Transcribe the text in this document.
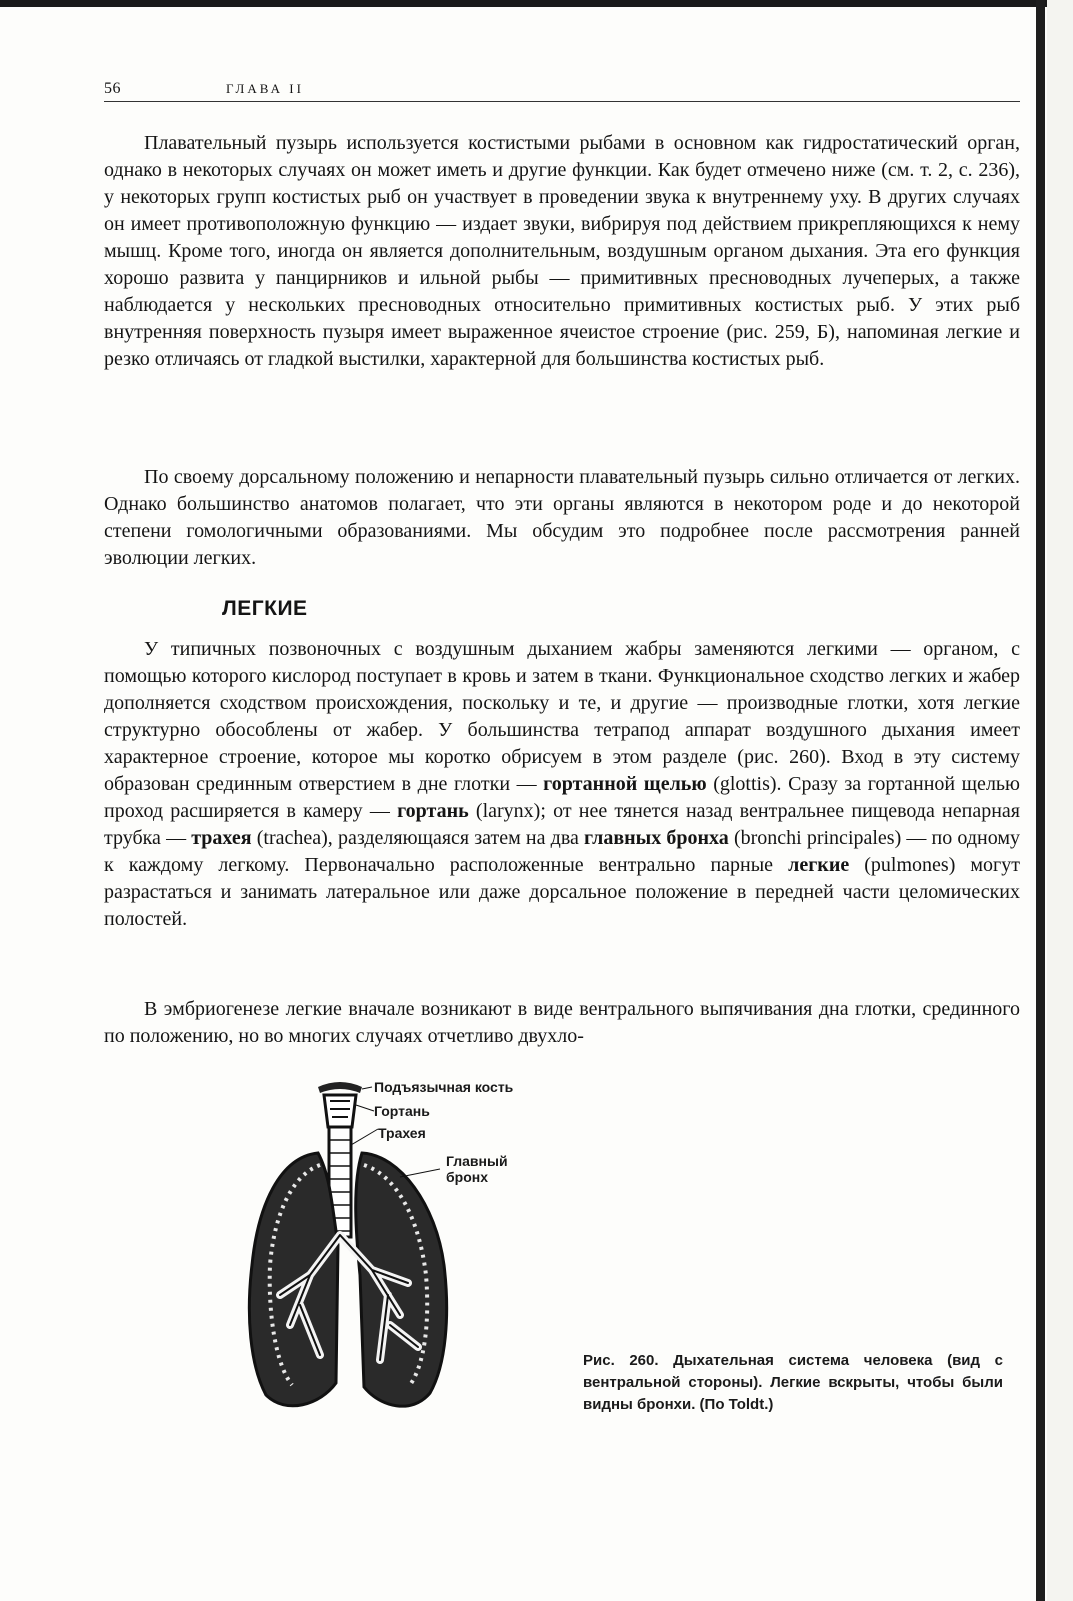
56	ГЛАВА II

Плавательный пузырь используется костистыми рыбами в основном как гидростатический орган, однако в некоторых случаях он может иметь и другие функции. Как будет отмечено ниже (см. т. 2, с. 236), у некоторых групп костистых рыб он участвует в проведении звука к внутреннему уху. В других случаях он имеет противоположную функцию — издает звуки, вибрируя под действием прикрепляющихся к нему мышц. Кроме того, иногда он является дополнительным, воздушным органом дыхания. Эта его функция хорошо развита у панцирников и ильной рыбы — примитивных пресноводных лучеперых, а также наблюдается у нескольких пресноводных относительно примитивных костистых рыб. У этих рыб внутренняя поверхность пузыря имеет выраженное ячеистое строение (рис. 259, Б), напоминая легкие и резко отличаясь от гладкой выстилки, характерной для большинства костистых рыб.

По своему дорсальному положению и непарности плавательный пузырь сильно отличается от легких. Однако большинство анатомов полагает, что эти органы являются в некотором роде и до некоторой степени гомологичными образованиями. Мы обсудим это подробнее после рассмотрения ранней эволюции легких.

ЛЕГКИЕ

У типичных позвоночных с воздушным дыханием жабры заменяются легкими — органом, с помощью которого кислород поступает в кровь и затем в ткани. Функциональное сходство легких и жабер дополняется сходством происхождения, поскольку и те, и другие — производные глотки, хотя легкие структурно обособлены от жабер. У большинства тетрапод аппарат воздушного дыхания имеет характерное строение, которое мы коротко обрисуем в этом разделе (рис. 260). Вход в эту систему образован срединным отверстием в дне глотки — гортанной щелью (glottis). Сразу за гортанной щелью проход расширяется в камеру — гортань (larynx); от нее тянется назад вентральнее пищевода непарная трубка — трахея (trachea), разделяющаяся затем на два главных бронха (bronchi principales) — по одному к каждому легкому. Первоначально расположенные вентрально парные легкие (pulmones) могут разрастаться и занимать латеральное или даже дорсальное положение в передней части целомических полостей.

В эмбриогенезе легкие вначале возникают в виде вентрального выпячивания дна глотки, срединного по положению, но во многих случаях отчетливо двухло-

Подъязычная кость
Гортань
Трахея
Главный
бронх
Рис. 260. Дыхательная система человека (вид с вентральной стороны). Легкие вскрыты, чтобы были видны бронхи. (По Toldt.)
